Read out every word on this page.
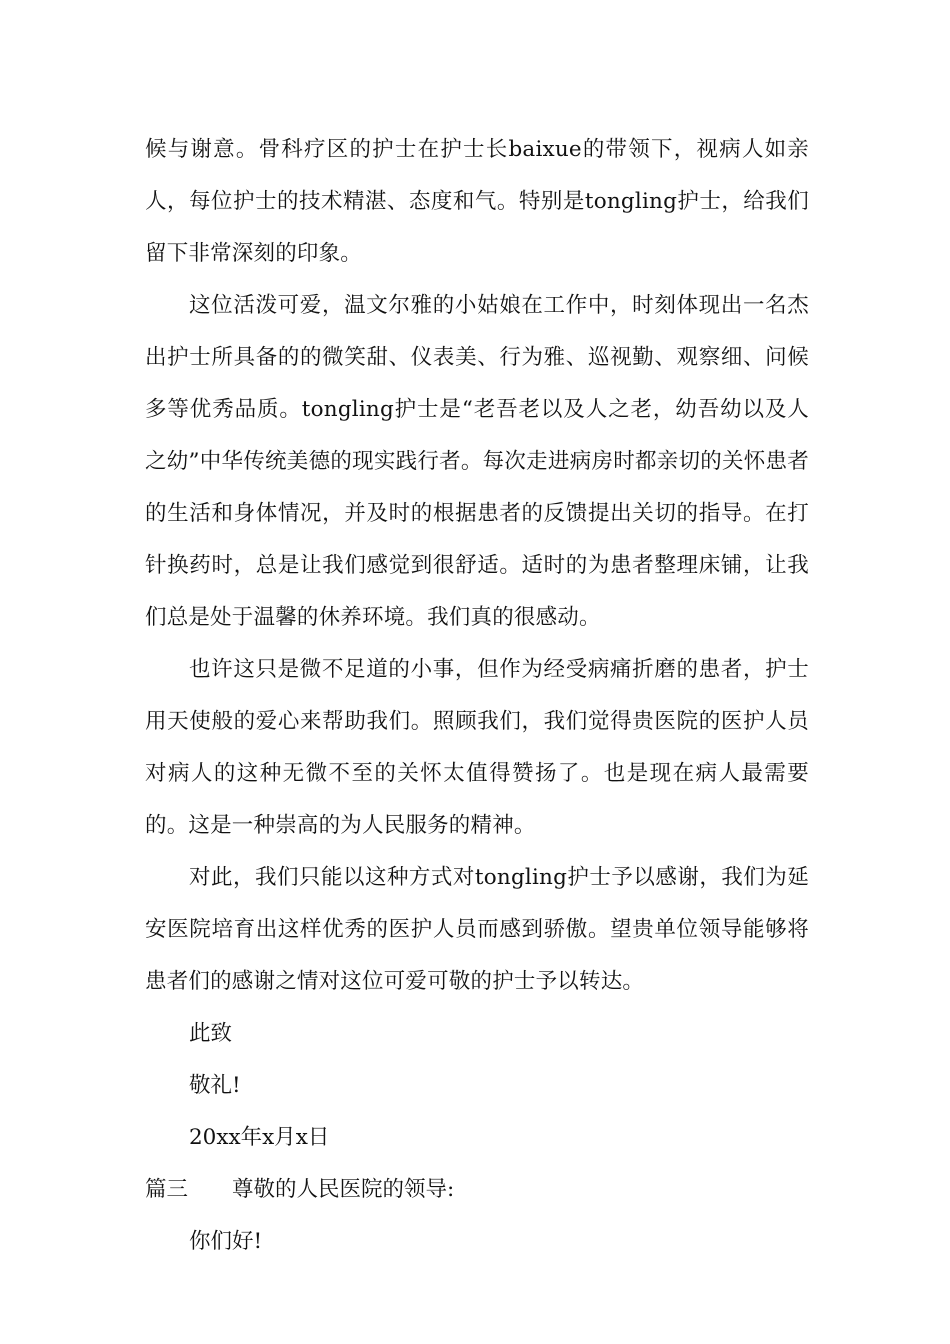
候与谢意。骨科疗区的护士在护士长baixue的带领下，视病人如亲人，每位护士的技术精湛、态度和气。特别是tongling护士，给我们留下非常深刻的印象。

这位活泼可爱，温文尔雅的小姑娘在工作中，时刻体现出一名杰出护士所具备的的微笑甜、仪表美、行为雅、巡视勤、观察细、问候多等优秀品质。tongling护士是“老吾老以及人之老，幼吾幼以及人之幼”中华传统美德的现实践行者。每次走进病房时都亲切的关怀患者的生活和身体情况，并及时的根据患者的反馈提出关切的指导。在打针换药时，总是让我们感觉到很舒适。适时的为患者整理床铺，让我们总是处于温馨的休养环境。我们真的很感动。

也许这只是微不足道的小事，但作为经受病痛折磨的患者，护士用天使般的爱心来帮助我们。照顾我们，我们觉得贵医院的医护人员对病人的这种无微不至的关怀太值得赞扬了。也是现在病人最需要的。这是一种崇高的为人民服务的精神。

对此，我们只能以这种方式对tongling护士予以感谢，我们为延安医院培育出这样优秀的医护人员而感到骄傲。望贵单位领导能够将患者们的感谢之情对这位可爱可敬的护士予以转达。

此致

敬礼!

20xx年x月x日

篇三	尊敬的人民医院的领导:

你们好!
